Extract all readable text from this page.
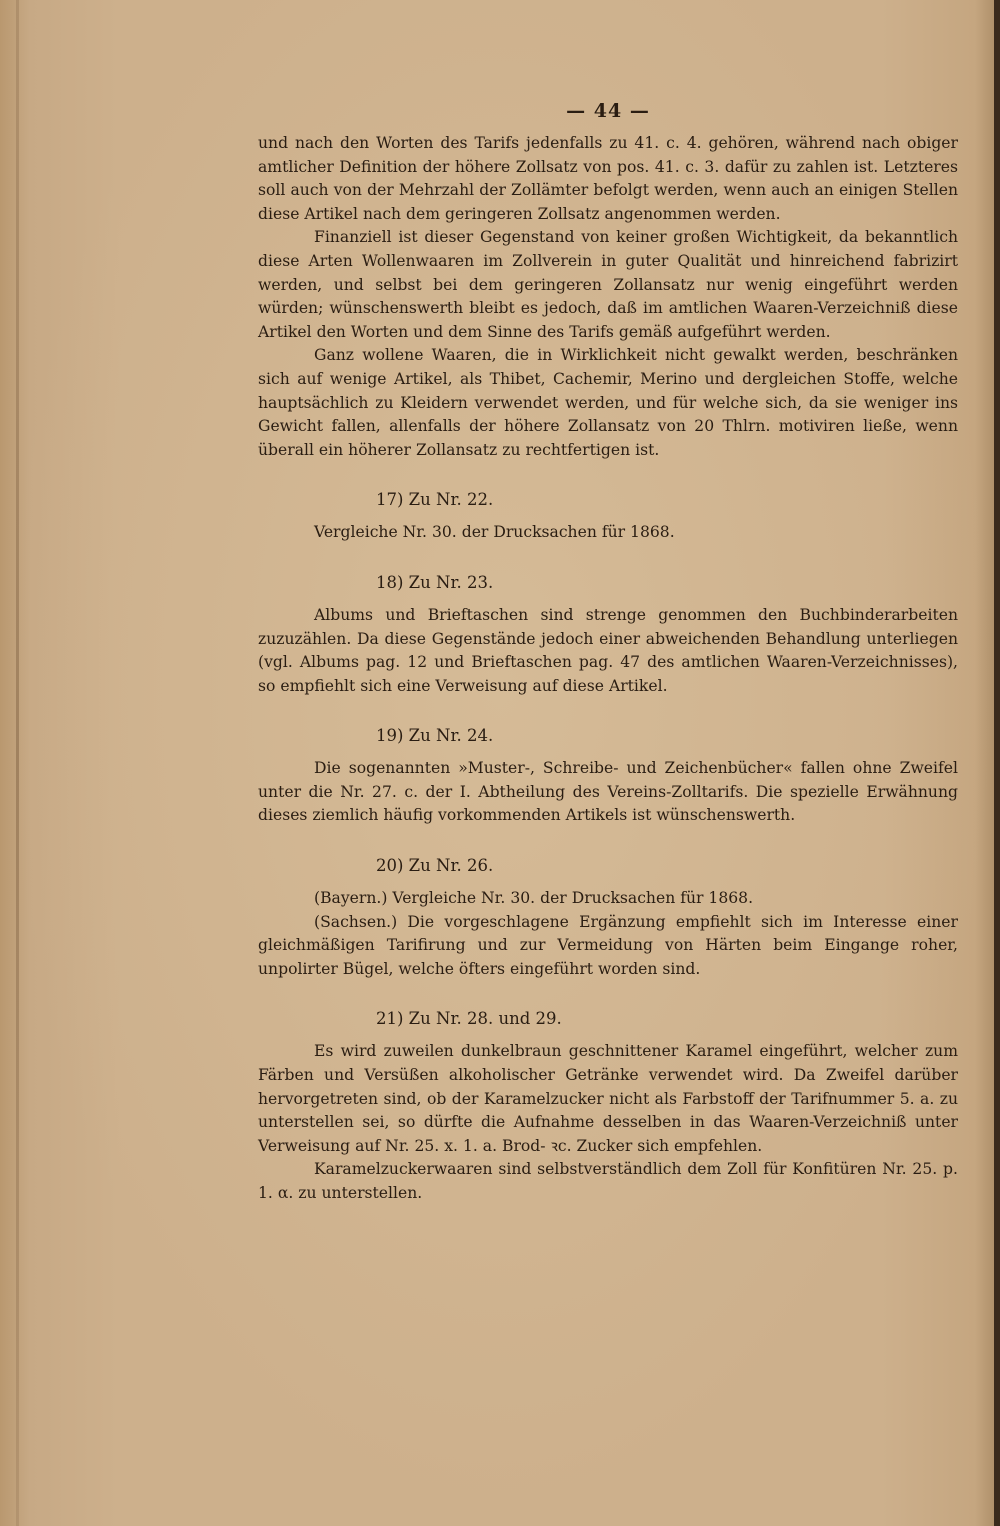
— 44 —

und nach den Worten des Tarifs jedenfalls zu 41. c. 4. gehören, während nach obiger amtlicher Definition der höhere Zollsatz von pos. 41. c. 3. dafür zu zahlen ist. Letzteres soll auch von der Mehrzahl der Zollämter befolgt werden, wenn auch an einigen Stellen diese Artikel nach dem geringeren Zollsatz angenommen werden.

Finanziell ist dieser Gegenstand von keiner großen Wichtigkeit, da bekanntlich diese Arten Wollenwaaren im Zollverein in guter Qualität und hinreichend fabrizirt werden, und selbst bei dem geringeren Zollansatz nur wenig eingeführt werden würden; wünschenswerth bleibt es jedoch, daß im amtlichen Waaren-Verzeichniß diese Artikel den Worten und dem Sinne des Tarifs gemäß aufgeführt werden.

Ganz wollene Waaren, die in Wirklichkeit nicht gewalkt werden, beschränken sich auf wenige Artikel, als Thibet, Cachemir, Merino und dergleichen Stoffe, welche hauptsächlich zu Kleidern verwendet werden, und für welche sich, da sie weniger ins Gewicht fallen, allenfalls der höhere Zollansatz von 20 Thlrn. motiviren ließe, wenn überall ein höherer Zollansatz zu rechtfertigen ist.

17) Zu Nr. 22.

Vergleiche Nr. 30. der Drucksachen für 1868.

18) Zu Nr. 23.

Albums und Brieftaschen sind strenge genommen den Buchbinderarbeiten zuzuzählen. Da diese Gegenstände jedoch einer abweichenden Behandlung unterliegen (vgl. Albums pag. 12 und Brieftaschen pag. 47 des amtlichen Waaren-Verzeichnisses), so empfiehlt sich eine Verweisung auf diese Artikel.

19) Zu Nr. 24.

Die sogenannten »Muster-, Schreibe- und Zeichenbücher« fallen ohne Zweifel unter die Nr. 27. c. der I. Abtheilung des Vereins-Zolltarifs. Die spezielle Erwähnung dieses ziemlich häufig vorkommenden Artikels ist wünschenswerth.

20) Zu Nr. 26.

(Bayern.) Vergleiche Nr. 30. der Drucksachen für 1868.

(Sachsen.) Die vorgeschlagene Ergänzung empfiehlt sich im Interesse einer gleichmäßigen Tarifirung und zur Vermeidung von Härten beim Eingange roher, unpolirter Bügel, welche öfters eingeführt worden sind.

21) Zu Nr. 28. und 29.

Es wird zuweilen dunkelbraun geschnittener Karamel eingeführt, welcher zum Färben und Versüßen alkoholischer Getränke verwendet wird. Da Zweifel darüber hervorgetreten sind, ob der Karamelzucker nicht als Farbstoff der Tarifnummer 5. a. zu unterstellen sei, so dürfte die Aufnahme desselben in das Waaren-Verzeichniß unter Verweisung auf Nr. 25. x. 1. a. Brod- ꝛc. Zucker sich empfehlen.

Karamelzuckerwaaren sind selbstverständlich dem Zoll für Konfitüren Nr. 25. p. 1. α. zu unterstellen.
